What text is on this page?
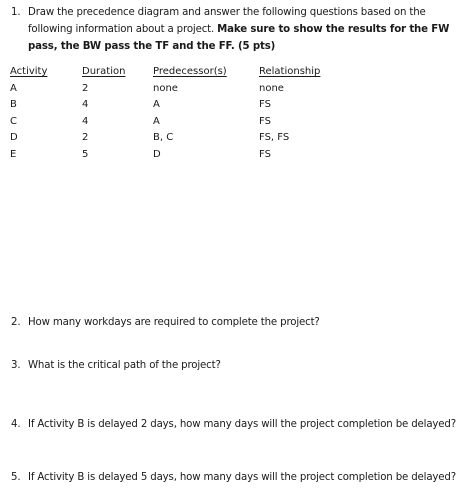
1. Draw the precedence diagram and answer the following questions based on the following information about a project. Make sure to show the results for the FW pass, the BW pass the TF and the FF. (5 pts)
Activity	Duration	Predecessor(s)	Relationship
A	2	none	none
B	4	A	FS
C	4	A	FS
D	2	B, C	FS, FS
E	5	D	FS
2. How many workdays are required to complete the project?
3. What is the critical path of the project?
4. If Activity B is delayed 2 days, how many days will the project completion be delayed?
5. If Activity B is delayed 5 days, how many days will the project completion be delayed?
